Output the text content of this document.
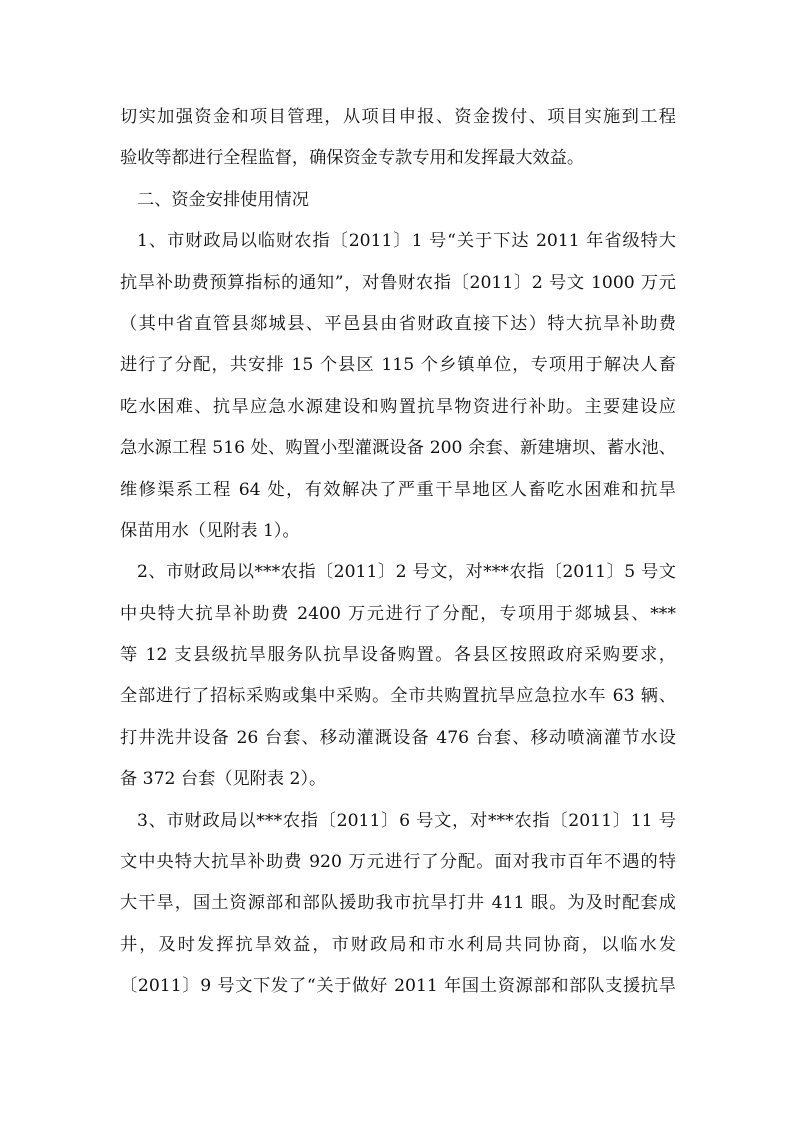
切实加强资金和项目管理，从项目申报、资金拨付、项目实施到工程
验收等都进行全程监督，确保资金专款专用和发挥最大效益。
二、资金安排使用情况
1、市财政局以临财农指〔2011〕1 号“关于下达 2011 年省级特大
抗旱补助费预算指标的通知”，对鲁财农指〔2011〕2 号文 1000 万元
（其中省直管县郯城县、平邑县由省财政直接下达）特大抗旱补助费
进行了分配，共安排 15 个县区 115 个乡镇单位，专项用于解决人畜
吃水困难、抗旱应急水源建设和购置抗旱物资进行补助。主要建设应
急水源工程 516 处、购置小型灌溉设备 200 余套、新建塘坝、蓄水池、
维修渠系工程 64 处，有效解决了严重干旱地区人畜吃水困难和抗旱
保苗用水（见附表 1）。
2、市财政局以***农指〔2011〕2 号文，对***农指〔2011〕5 号文
中央特大抗旱补助费 2400 万元进行了分配，专项用于郯城县、***
等 12 支县级抗旱服务队抗旱设备购置。各县区按照政府采购要求，
全部进行了招标采购或集中采购。全市共购置抗旱应急拉水车 63 辆、
打井洗井设备 26 台套、移动灌溉设备 476 台套、移动喷滴灌节水设
备 372 台套（见附表 2）。
3、市财政局以***农指〔2011〕6 号文，对***农指〔2011〕11 号
文中央特大抗旱补助费 920 万元进行了分配。面对我市百年不遇的特
大干旱，国土资源部和部队援助我市抗旱打井 411 眼。为及时配套成
井，及时发挥抗旱效益，市财政局和市水利局共同协商，以临水发
〔2011〕9 号文下发了“关于做好 2011 年国土资源部和部队支援抗旱
